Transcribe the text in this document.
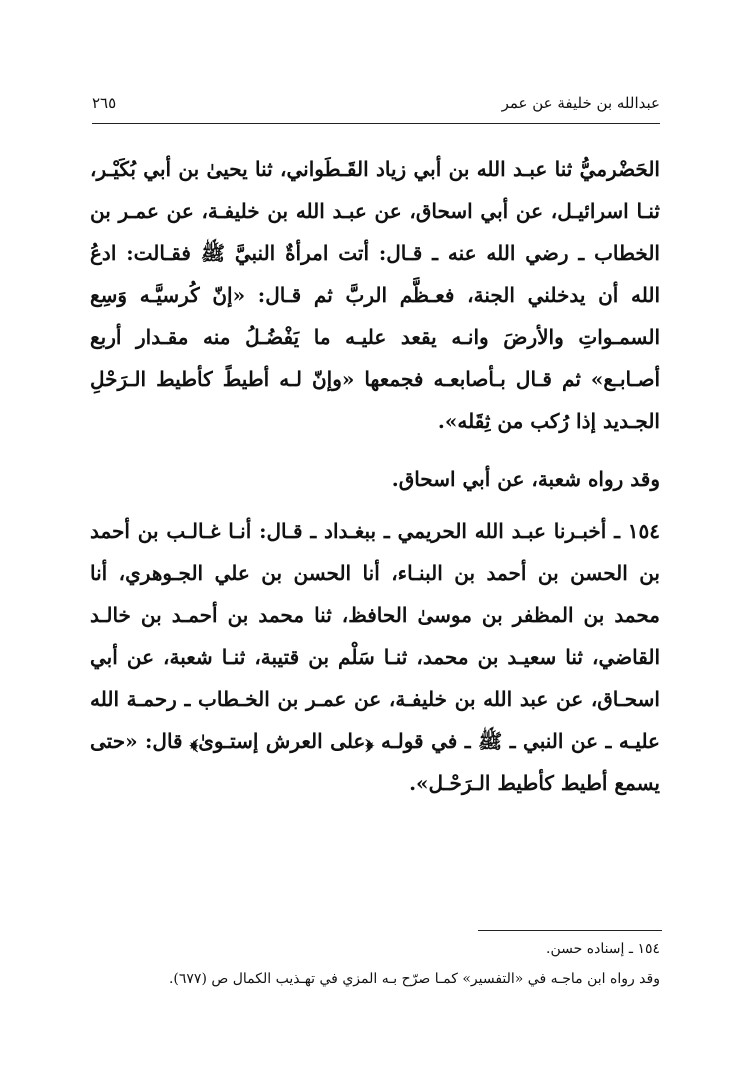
عبدالله بن خليفة عن عمر
٢٦٥

الحَضْرميُّ ثنا عبـد الله بن أبي زياد القَـطَواني، ثنا يحيىٰ بن أبي بُكَيْـر، ثنـا اسرائيـل، عن أبي اسحاق، عن عبـد الله بن خليفـة، عن عمـر بن الخطاب ـ رضي الله عنه ـ قـال: أتت امرأةٌ النبيَّ ﷺ فقـالت: ادعُ الله أن يدخلني الجنة، فعـظَّم الربَّ ثم قـال: «إنّ كُرسيَّـه وَسِع السمـواتِ والأرضَ وانـه يقعد عليـه ما يَفْضُـلُ منه مقـدار أربع أصـابـع» ثم قـال بـأصابعـه فجمعها «وإنّ لـه أطيطً كأطيط الـرَحْلِ الجـديد إذا رُكب من ثِقَله».

وقد رواه شعبة، عن أبي اسحاق.

١٥٤ ـ أخبـرنا عبـد الله الحريمي ـ ببغـداد ـ قـال: أنـا غـالـب بن أحمد بن الحسن بن أحمد بن البنـاء، أنا الحسن بن علي الجـوهري، أنا محمد بن المظفر بن موسىٰ الحافظ، ثنا محمد بن أحمـد بن خالـد القاضي، ثنا سعيـد بن محمد، ثنـا سَلْم بن قتيبة، ثنـا شعبة، عن أبي اسحـاق، عن عبد الله بن خليفـة، عن عمـر بن الخـطاب ـ رحمـة الله عليـه ـ عن النبي ـ ﷺ ـ في قولـه ﴿على العرش إستـوىٰ﴾ قال: «حتى يسمع أطيط كأطيط الـرَحْـل».

١٥٤ ـ إسناده حسن.
وقد رواه ابن ماجـه في «التفسير» كمـا صرّح بـه المزي في تهـذيب الكمال ص (٦٧٧).
